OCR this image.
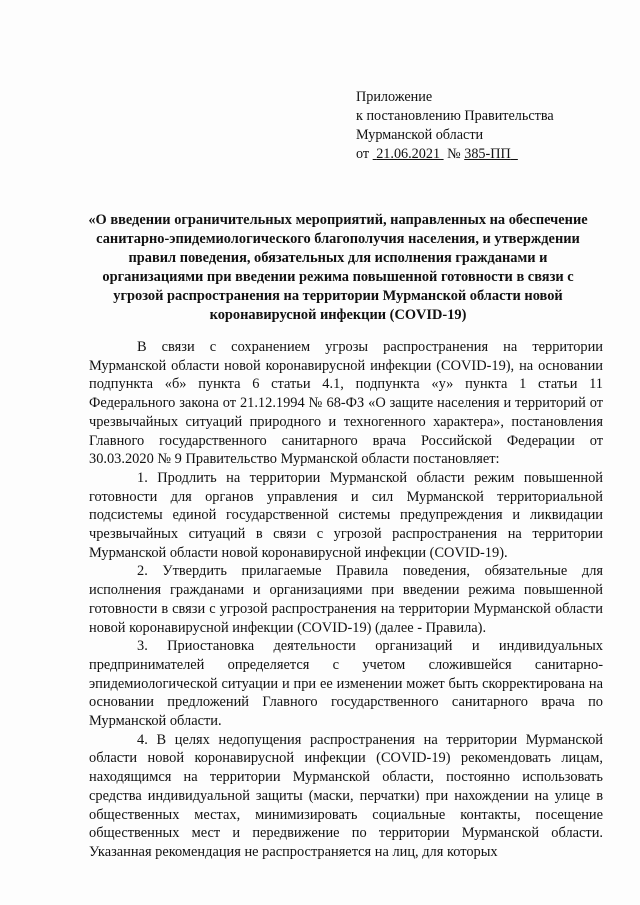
Приложение
к постановлению Правительства
Мурманской области
от 21.06.2021 № 385-ПП
«О введении ограничительных мероприятий, направленных на обеспечение санитарно-эпидемиологического благополучия населения, и утверждении правил поведения, обязательных для исполнения гражданами и организациями при введении режима повышенной готовности в связи с угрозой распространения на территории Мурманской области новой коронавирусной инфекции (COVID-19)

В связи с сохранением угрозы распространения на территории Мурманской области новой коронавирусной инфекции (COVID-19), на основании подпункта «б» пункта 6 статьи 4.1, подпункта «у» пункта 1 статьи 11 Федерального закона от 21.12.1994 № 68-ФЗ «О защите населения и территорий от чрезвычайных ситуаций природного и техногенного характера», постановления Главного государственного санитарного врача Российской Федерации от 30.03.2020 № 9 Правительство Мурманской области постановляет:

1. Продлить на территории Мурманской области режим повышенной готовности для органов управления и сил Мурманской территориальной подсистемы единой государственной системы предупреждения и ликвидации чрезвычайных ситуаций в связи с угрозой распространения на территории Мурманской области новой коронавирусной инфекции (COVID-19).

2. Утвердить прилагаемые Правила поведения, обязательные для исполнения гражданами и организациями при введении режима повышенной готовности в связи с угрозой распространения на территории Мурманской области новой коронавирусной инфекции (COVID-19) (далее - Правила).

3. Приостановка деятельности организаций и индивидуальных предпринимателей определяется с учетом сложившейся санитарно-эпидемиологической ситуации и при ее изменении может быть скорректирована на основании предложений Главного государственного санитарного врача по Мурманской области.

4. В целях недопущения распространения на территории Мурманской области новой коронавирусной инфекции (COVID-19) рекомендовать лицам, находящимся на территории Мурманской области, постоянно использовать средства индивидуальной защиты (маски, перчатки) при нахождении на улице в общественных местах, минимизировать социальные контакты, посещение общественных мест и передвижение по территории Мурманской области. Указанная рекомендация не распространяется на лиц, для которых
